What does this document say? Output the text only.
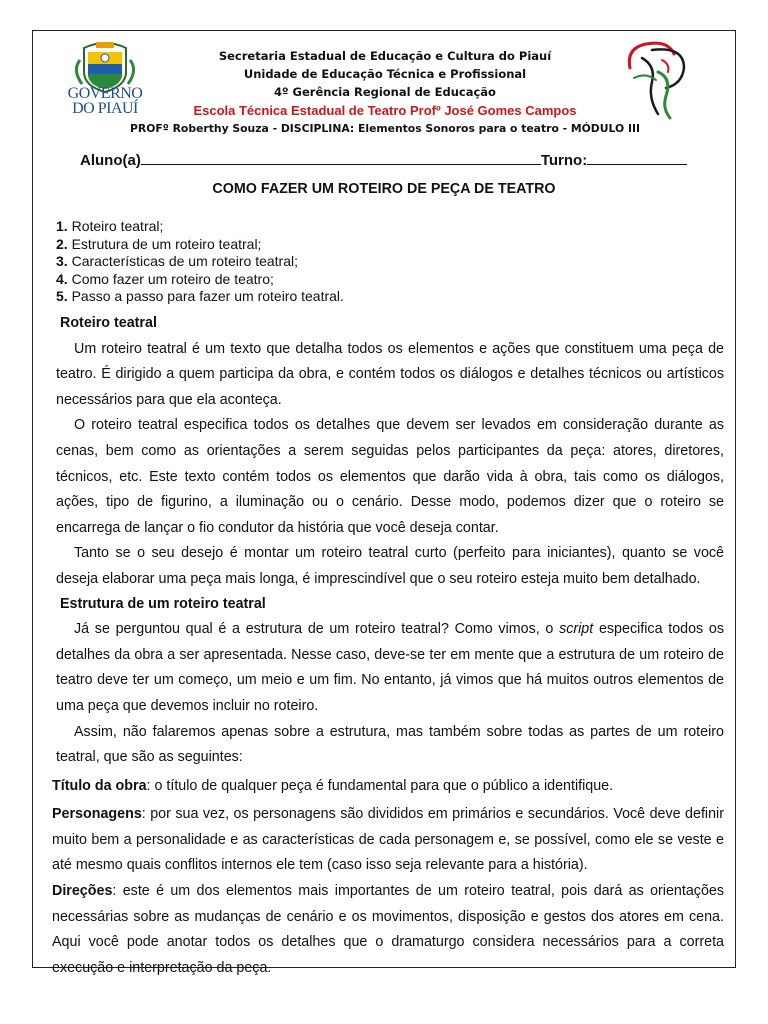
GOVERNO
DO PIAUÍ
Secretaria Estadual de Educação e Cultura do Piauí
Unidade de Educação Técnica e Profissional
4º Gerência Regional de Educação
Escola Técnica Estadual de Teatro Profº José Gomes Campos
PROFº Roberthy Souza - DISCIPLINA: Elementos Sonoros para o teatro - MÓDULO III
Aluno(a)	Turno:
COMO FAZER UM ROTEIRO DE PEÇA DE TEATRO
1. Roteiro teatral;
2. Estrutura de um roteiro teatral;
3. Características de um roteiro teatral;
4. Como fazer um roteiro de teatro;
5. Passo a passo para fazer um roteiro teatral.

Roteiro teatral

Um roteiro teatral é um texto que detalha todos os elementos e ações que constituem uma peça de teatro. É dirigido a quem participa da obra, e contém todos os diálogos e detalhes técnicos ou artísticos necessários para que ela aconteça.

O roteiro teatral especifica todos os detalhes que devem ser levados em consideração durante as cenas, bem como as orientações a serem seguidas pelos participantes da peça: atores, diretores, técnicos, etc. Este texto contém todos os elementos que darão vida à obra, tais como os diálogos, ações, tipo de figurino, a iluminação ou o cenário. Desse modo, podemos dizer que o roteiro se encarrega de lançar o fio condutor da história que você deseja contar.

Tanto se o seu desejo é montar um roteiro teatral curto (perfeito para iniciantes), quanto se você deseja elaborar uma peça mais longa, é imprescindível que o seu roteiro esteja muito bem detalhado.

Estrutura de um roteiro teatral

Já se perguntou qual é a estrutura de um roteiro teatral? Como vimos, o script especifica todos os detalhes da obra a ser apresentada. Nesse caso, deve-se ter em mente que a estrutura de um roteiro de teatro deve ter um começo, um meio e um fim. No entanto, já vimos que há muitos outros elementos de uma peça que devemos incluir no roteiro.

Assim, não falaremos apenas sobre a estrutura, mas também sobre todas as partes de um roteiro teatral, que são as seguintes:

Título da obra: o título de qualquer peça é fundamental para que o público a identifique.

Personagens: por sua vez, os personagens são divididos em primários e secundários. Você deve definir muito bem a personalidade e as características de cada personagem e, se possível, como ele se veste e até mesmo quais conflitos internos ele tem (caso isso seja relevante para a história).

Direções: este é um dos elementos mais importantes de um roteiro teatral, pois dará as orientações necessárias sobre as mudanças de cenário e os movimentos, disposição e gestos dos atores em cena. Aqui você pode anotar todos os detalhes que o dramaturgo considera necessários para a correta execução e interpretação da peça.
